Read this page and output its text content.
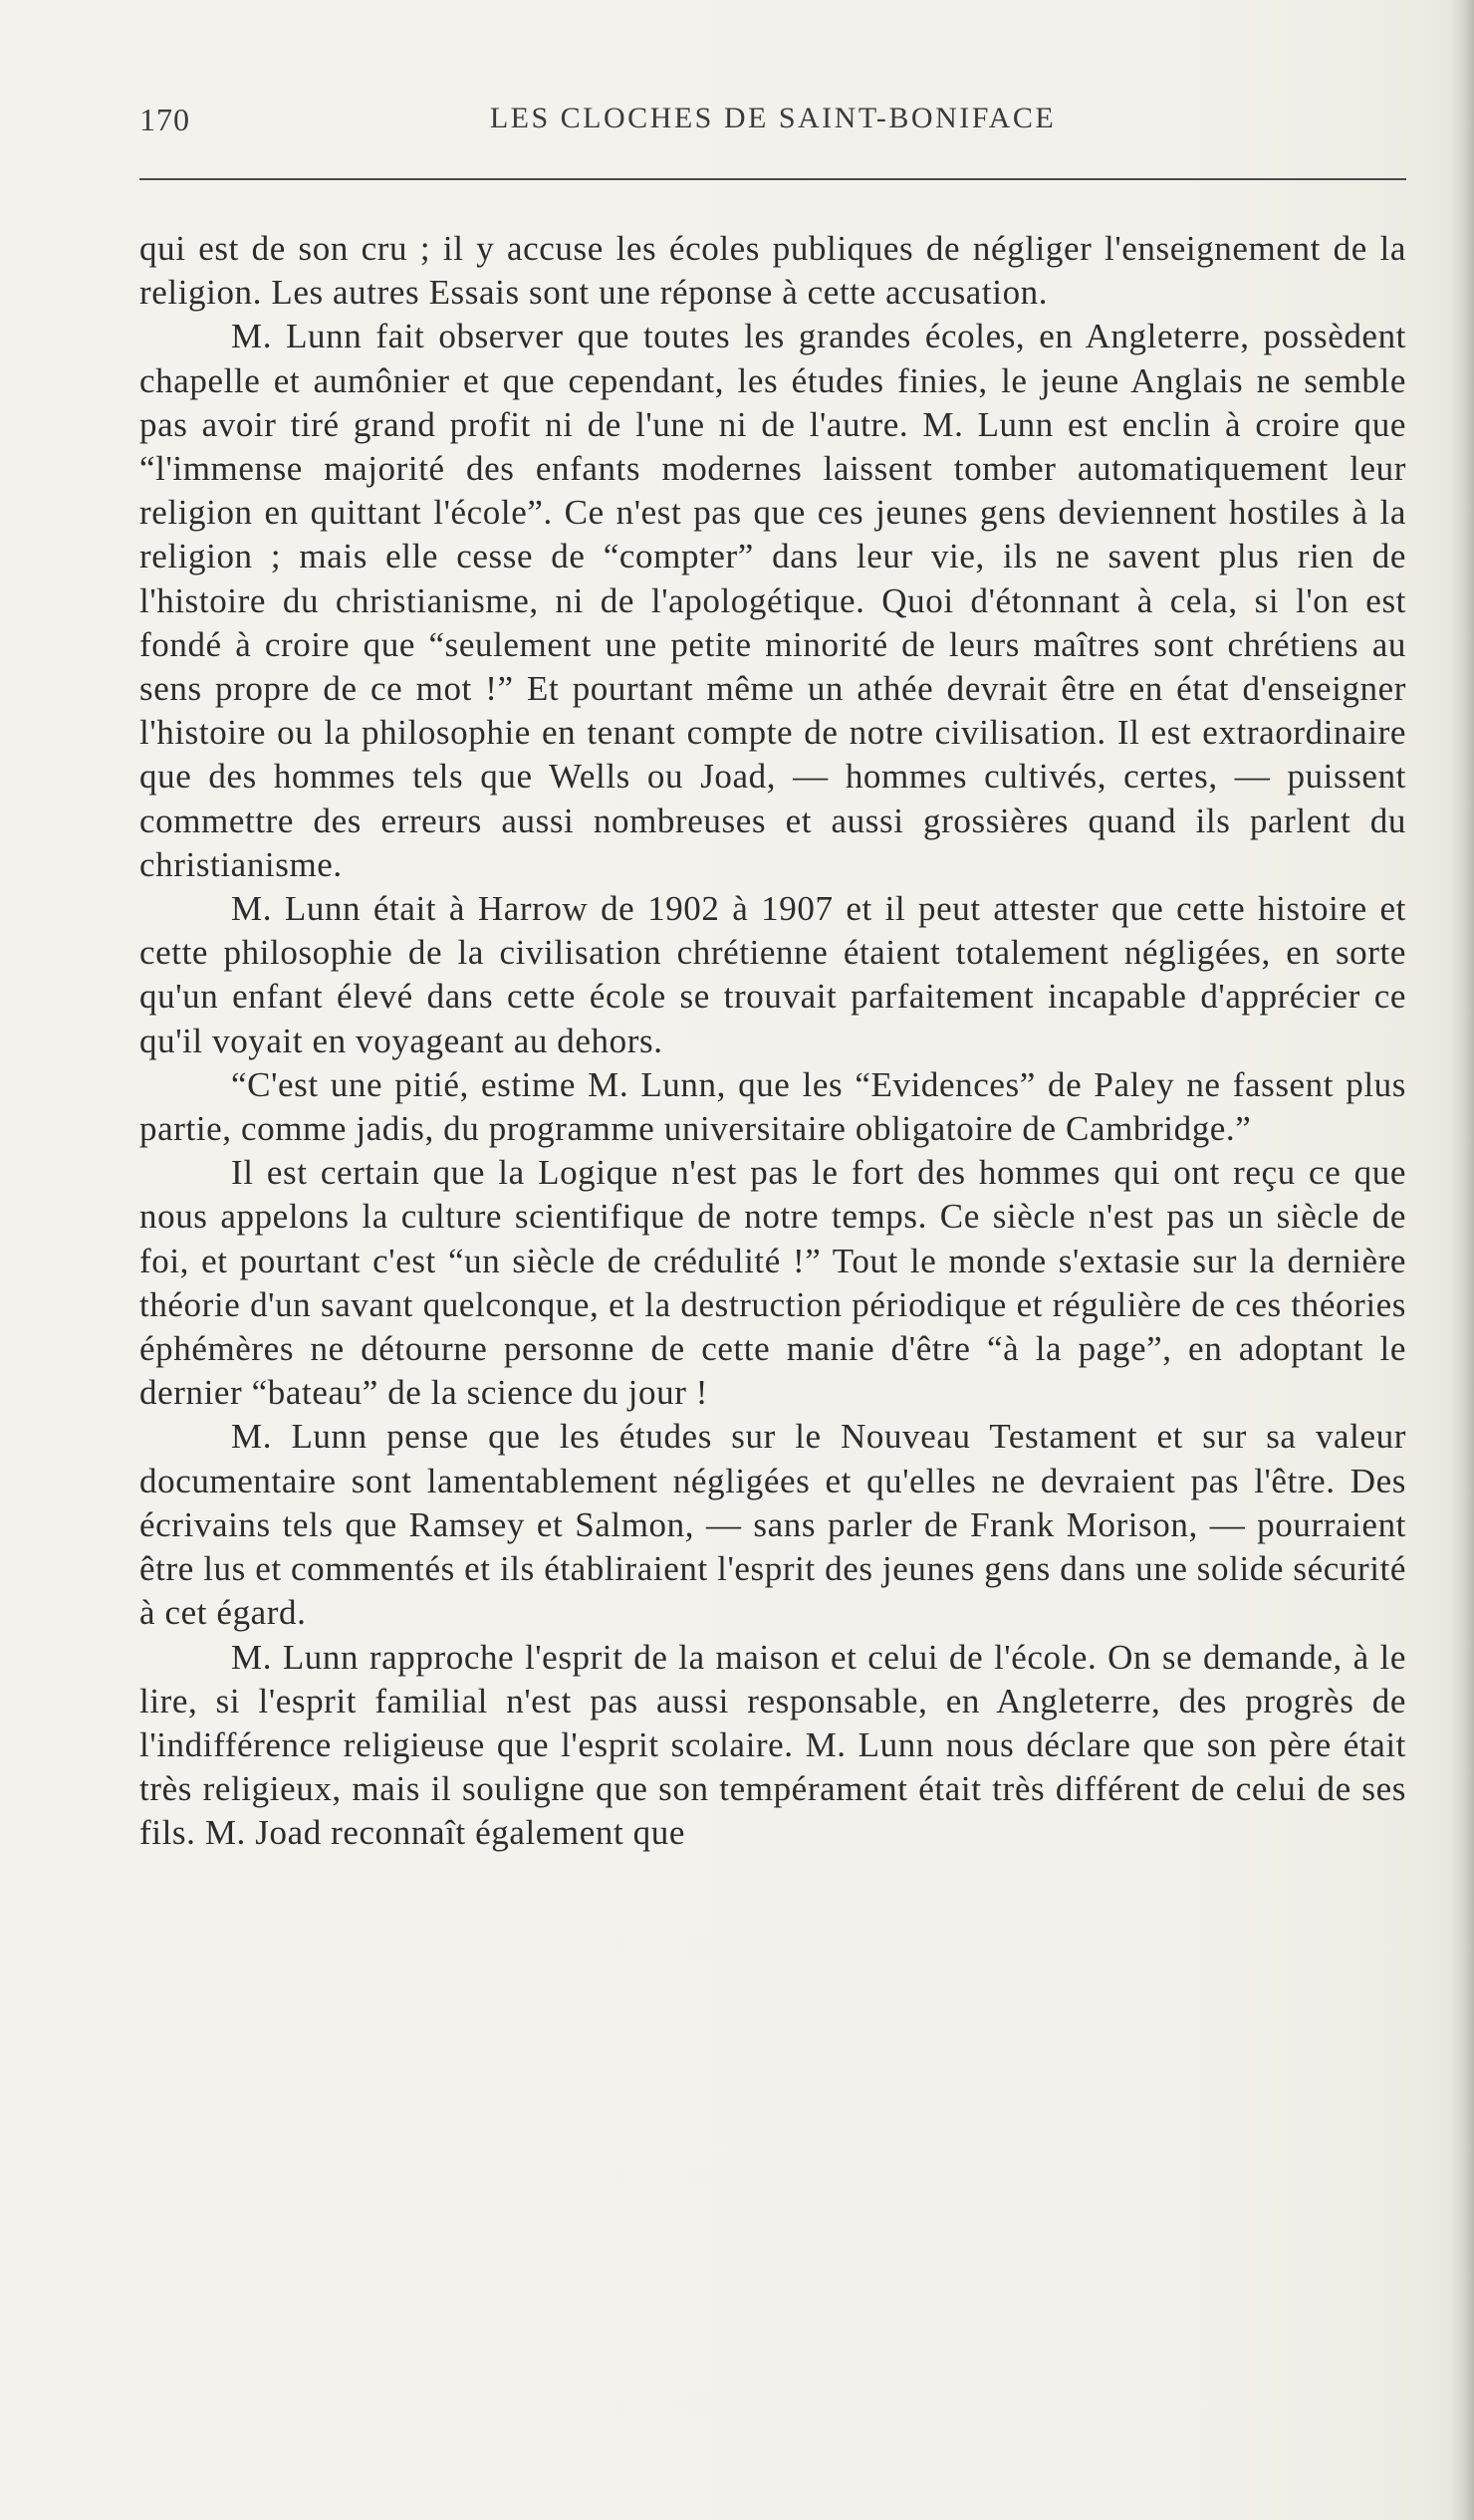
170	LES CLOCHES DE SAINT-BONIFACE

qui est de son cru ; il y accuse les écoles publiques de négliger l'enseignement de la religion. Les autres Essais sont une réponse à cette accusation.

M. Lunn fait observer que toutes les grandes écoles, en Angleterre, possèdent chapelle et aumônier et que cependant, les études finies, le jeune Anglais ne semble pas avoir tiré grand profit ni de l'une ni de l'autre. M. Lunn est enclin à croire que “l'immense majorité des enfants modernes laissent tomber automatiquement leur religion en quittant l'école”. Ce n'est pas que ces jeunes gens deviennent hostiles à la religion ; mais elle cesse de “compter” dans leur vie, ils ne savent plus rien de l'histoire du christianisme, ni de l'apologétique. Quoi d'étonnant à cela, si l'on est fondé à croire que “seulement une petite minorité de leurs maîtres sont chrétiens au sens propre de ce mot !” Et pourtant même un athée devrait être en état d'enseigner l'histoire ou la philosophie en tenant compte de notre civilisation. Il est extraordinaire que des hommes tels que Wells ou Joad, — hommes cultivés, certes, — puissent commettre des erreurs aussi nombreuses et aussi grossières quand ils parlent du christianisme.

M. Lunn était à Harrow de 1902 à 1907 et il peut attester que cette histoire et cette philosophie de la civilisation chrétienne étaient totalement négligées, en sorte qu'un enfant élevé dans cette école se trouvait parfaitement incapable d'apprécier ce qu'il voyait en voyageant au dehors.

“C'est une pitié, estime M. Lunn, que les “Evidences” de Paley ne fassent plus partie, comme jadis, du programme universitaire obligatoire de Cambridge.”

Il est certain que la Logique n'est pas le fort des hommes qui ont reçu ce que nous appelons la culture scientifique de notre temps. Ce siècle n'est pas un siècle de foi, et pourtant c'est “un siècle de crédulité !” Tout le monde s'extasie sur la dernière théorie d'un savant quelconque, et la destruction périodique et régulière de ces théories éphémères ne détourne personne de cette manie d'être “à la page”, en adoptant le dernier “bateau” de la science du jour !

M. Lunn pense que les études sur le Nouveau Testament et sur sa valeur documentaire sont lamentablement négligées et qu'elles ne devraient pas l'être. Des écrivains tels que Ramsey et Salmon, — sans parler de Frank Morison, — pourraient être lus et commentés et ils établiraient l'esprit des jeunes gens dans une solide sécurité à cet égard.

M. Lunn rapproche l'esprit de la maison et celui de l'école. On se demande, à le lire, si l'esprit familial n'est pas aussi responsable, en Angleterre, des progrès de l'indifférence religieuse que l'esprit scolaire. M. Lunn nous déclare que son père était très religieux, mais il souligne que son tempérament était très différent de celui de ses fils. M. Joad reconnaît également que
